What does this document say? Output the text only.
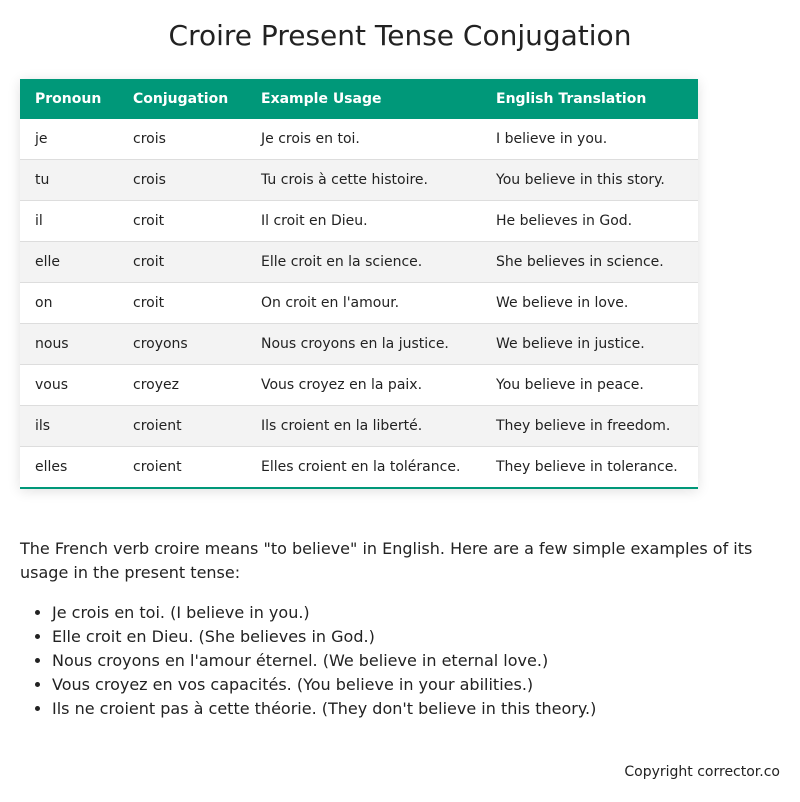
Croire Present Tense Conjugation
Pronoun	Conjugation	Example Usage	English Translation
je	crois	Je crois en toi.	I believe in you.
tu	crois	Tu crois à cette histoire.	You believe in this story.
il	croit	Il croit en Dieu.	He believes in God.
elle	croit	Elle croit en la science.	She believes in science.
on	croit	On croit en l'amour.	We believe in love.
nous	croyons	Nous croyons en la justice.	We believe in justice.
vous	croyez	Vous croyez en la paix.	You believe in peace.
ils	croient	Ils croient en la liberté.	They believe in freedom.
elles	croient	Elles croient en la tolérance.	They believe in tolerance.

The French verb croire means "to believe" in English. Here are a few simple examples of its usage in the present tense:

• Je crois en toi. (I believe in you.)
• Elle croit en Dieu. (She believes in God.)
• Nous croyons en l'amour éternel. (We believe in eternal love.)
• Vous croyez en vos capacités. (You believe in your abilities.)
• Ils ne croient pas à cette théorie. (They don't believe in this theory.)
Copyright corrector.co
